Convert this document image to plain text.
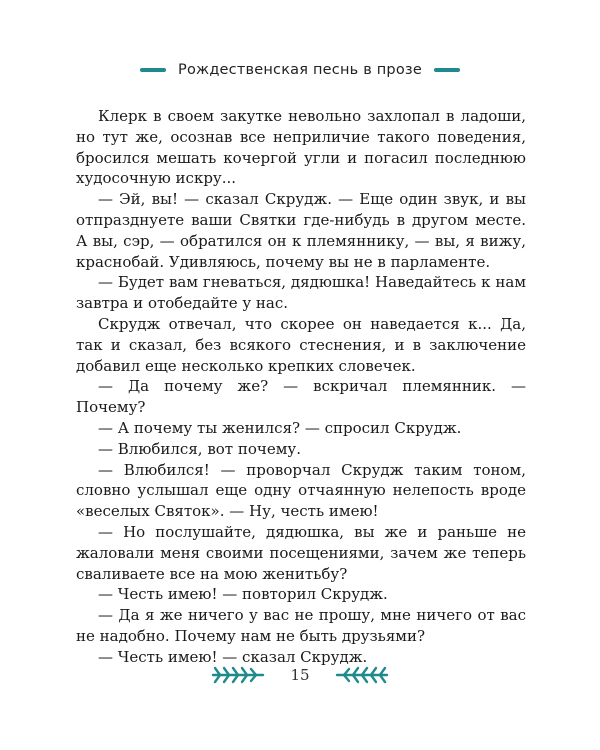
Рождественская песнь в прозе

Клерк в своем закутке невольно захлопал в ладоши, но тут же, осознав все неприличие такого поведения, бросился мешать кочергой угли и погасил последнюю худосочную искру...

— Эй, вы! — сказал Скрудж. — Еще один звук, и вы отпразднуете ваши Святки где-нибудь в другом месте. А вы, сэр, — обратился он к племяннику, — вы, я вижу, краснобай. Удивляюсь, почему вы не в парламенте.

— Будет вам гневаться, дядюшка! Наведайтесь к нам завтра и отобедайте у нас.

Скрудж отвечал, что скорее он наведается к... Да, так и сказал, без всякого стеснения, и в заключение добавил еще несколько крепких словечек.

— Да почему же? — вскричал племянник. — Почему?

— А почему ты женился? — спросил Скрудж.

— Влюбился, вот почему.

— Влюбился! — проворчал Скрудж таким тоном, словно услышал еще одну отчаянную нелепость вроде «веселых Святок». — Ну, честь имею!

— Но послушайте, дядюшка, вы же и раньше не жаловали меня своими посещениями, зачем же теперь сваливаете все на мою женитьбу?

— Честь имею! — повторил Скрудж.

— Да я же ничего у вас не прошу, мне ничего от вас не надобно. Почему нам не быть друзьями?

— Честь имею! — сказал Скрудж.

15
